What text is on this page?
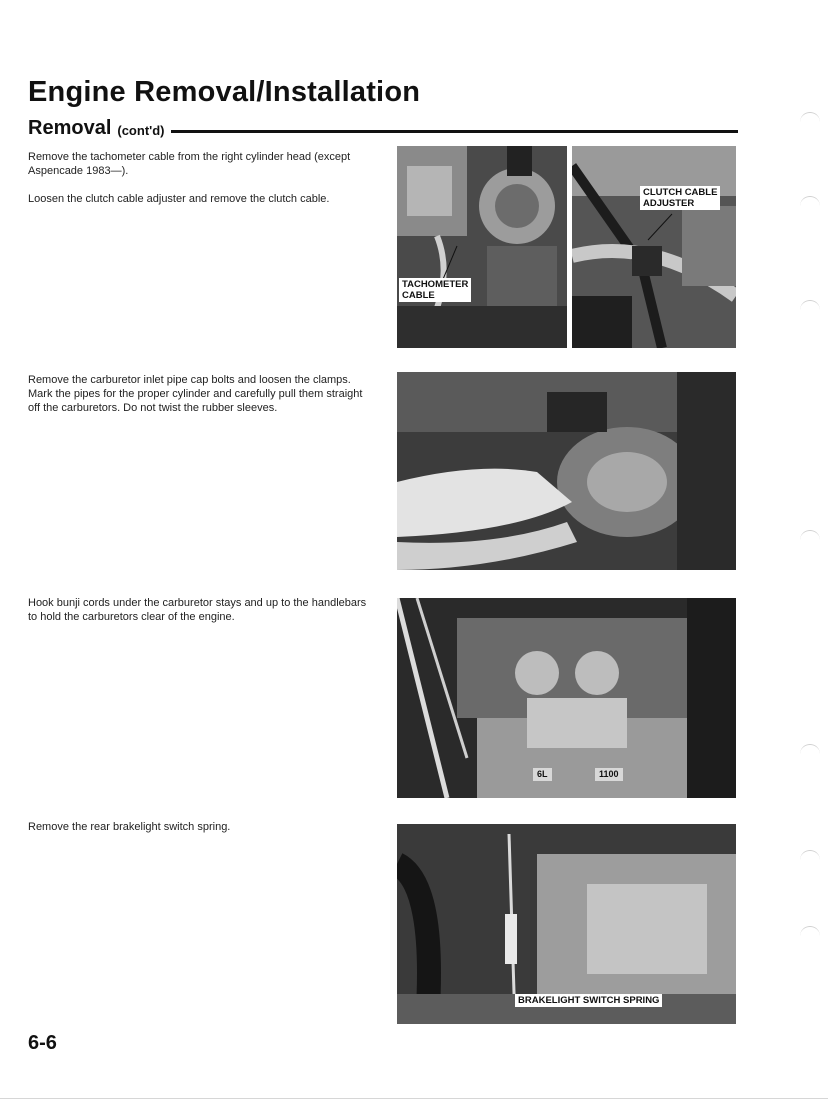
Engine Removal/Installation
Removal (cont'd)

Remove the tachometer cable from the right cylinder head (except Aspencade 1983—).

Loosen the clutch cable adjuster and remove the clutch cable.

Remove the carburetor inlet pipe cap bolts and loosen the clamps. Mark the pipes for the proper cylinder and carefully pull them straight off the carburetors. Do not twist the rubber sleeves.

Hook bunji cords under the carburetor stays and up to the handlebars to hold the carburetors clear of the engine.

Remove the rear brakelight switch spring.

TACHOMETER
CABLE
CLUTCH CABLE
ADJUSTER
6L	1100
BRAKELIGHT SWITCH SPRING

6-6
